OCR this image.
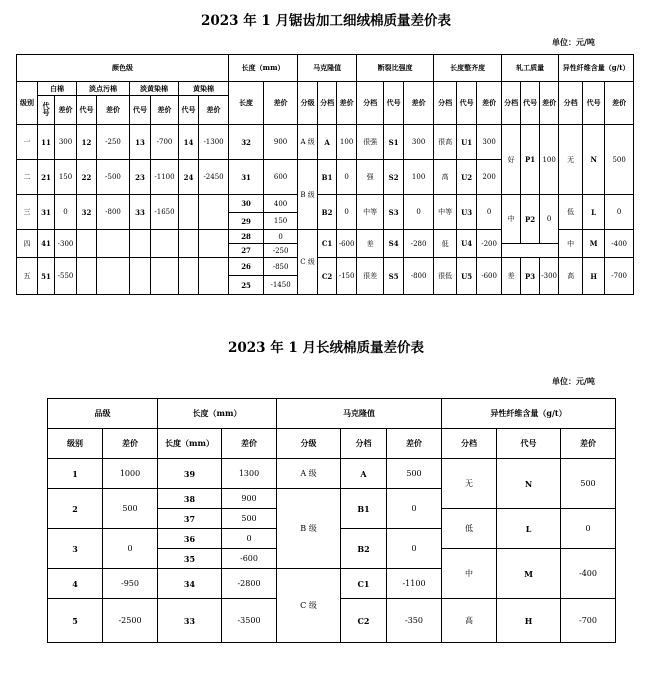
2023 年 1 月锯齿加工细绒棉质量差价表
单位：元/吨
颜色级									长度（mm）		马克隆值			断裂比强度			长度整齐度			轧工质量			异性纤维含量（g/t）		
级别	白棉		淡点污棉		淡黄染棉		黄染棉		长度	差价	分级	分档	差价	分档	代号	差价	分档	代号	差价	分档	代号	差价	分档	代号	差价
	代号	差价	代号	差价	代号	差价	代号	差价																	
一	11	300	12	-250	13	-700	14	-1300	32	900	A 级	A	100	很强	S1	300	很高	U1	300	好	P1	100	无	N	500
二	21	150	22	-500	23	-1100	24	-2450	31	600	B 级	B1	0	强	S2	100	高	U2	200						
三	31	0	32	-800	33	-1650			30	400		B2	0	中等	S3	0	中等	U3	0	中	P2	0	低	L	0
									29	150															
四	41	-300							28	0	C 级	C1	-600	差	S4	-280	低	U4	-200				中	M	-400
									27	-250															
五	51	-550							26	-850		C2	-150	很差	S5	-800	很低	U5	-600	差	P3	-300	高	H	-700
									25	-1450															
2023 年 1 月长绒棉质量差价表
单位：元/吨
品级		长度（mm）		马克隆值			异性纤维含量（g/t）		
级别	差价	长度（mm）	差价	分级	分档	差价	分档	代号	差价
1	1000	39	1300	A 级	A	500	无	N	500
2	500	38	900	B 级	B1	0			
		37	500				低	L	0
3	0	36	0		B2	0			
		35	-600				中	M	-400
4	-950	34	-2800	C 级	C1	-1100			
5	-2500	33	-3500		C2	-350	高	H	-700
